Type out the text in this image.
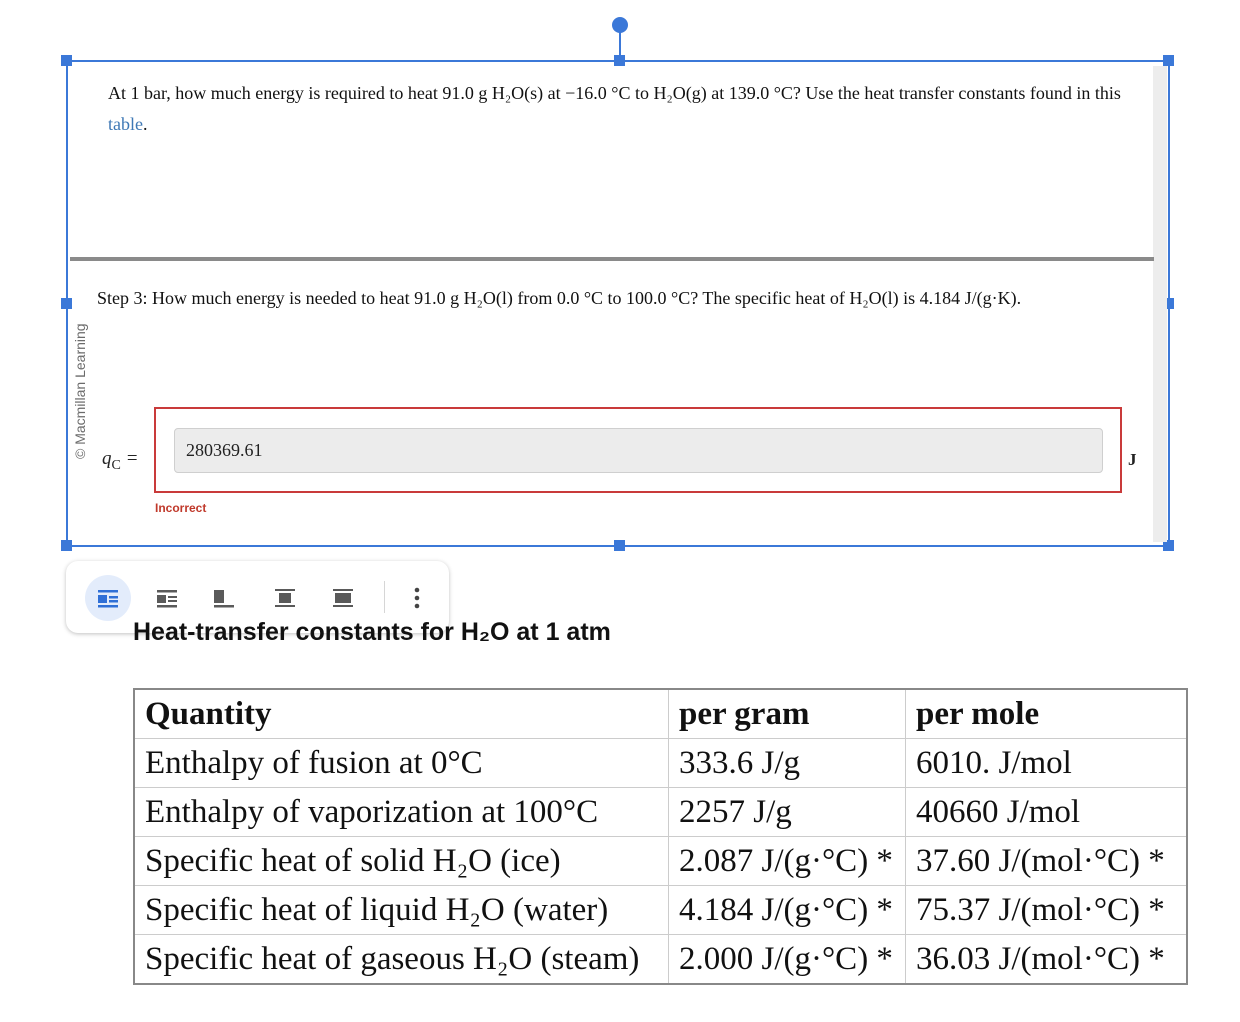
At 1 bar, how much energy is required to heat 91.0 g H₂O(s) at −16.0 °C to H₂O(g) at 139.0 °C? Use the heat transfer constants found in this table.
© Macmillan Learning
Step 3: How much energy is needed to heat 91.0 g H₂O(l) from 0.0 °C to 100.0 °C? The specific heat of H₂O(l) is 4.184 J/(g·K).
$q_C$ =
280369.61	J
Incorrect
Heat-transfer constants for H₂O at 1 atm
Quantity	per gram	per mole
Enthalpy of fusion at 0°C	333.6 J/g	6010. J/mol
Enthalpy of vaporization at 100°C	2257 J/g	40660 J/mol
Specific heat of solid H₂O (ice)	2.087 J/(g·°C) *	37.60 J/(mol·°C) *
Specific heat of liquid H₂O (water)	4.184 J/(g·°C) *	75.37 J/(mol·°C) *
Specific heat of gaseous H₂O (steam)	2.000 J/(g·°C) *	36.03 J/(mol·°C) *
